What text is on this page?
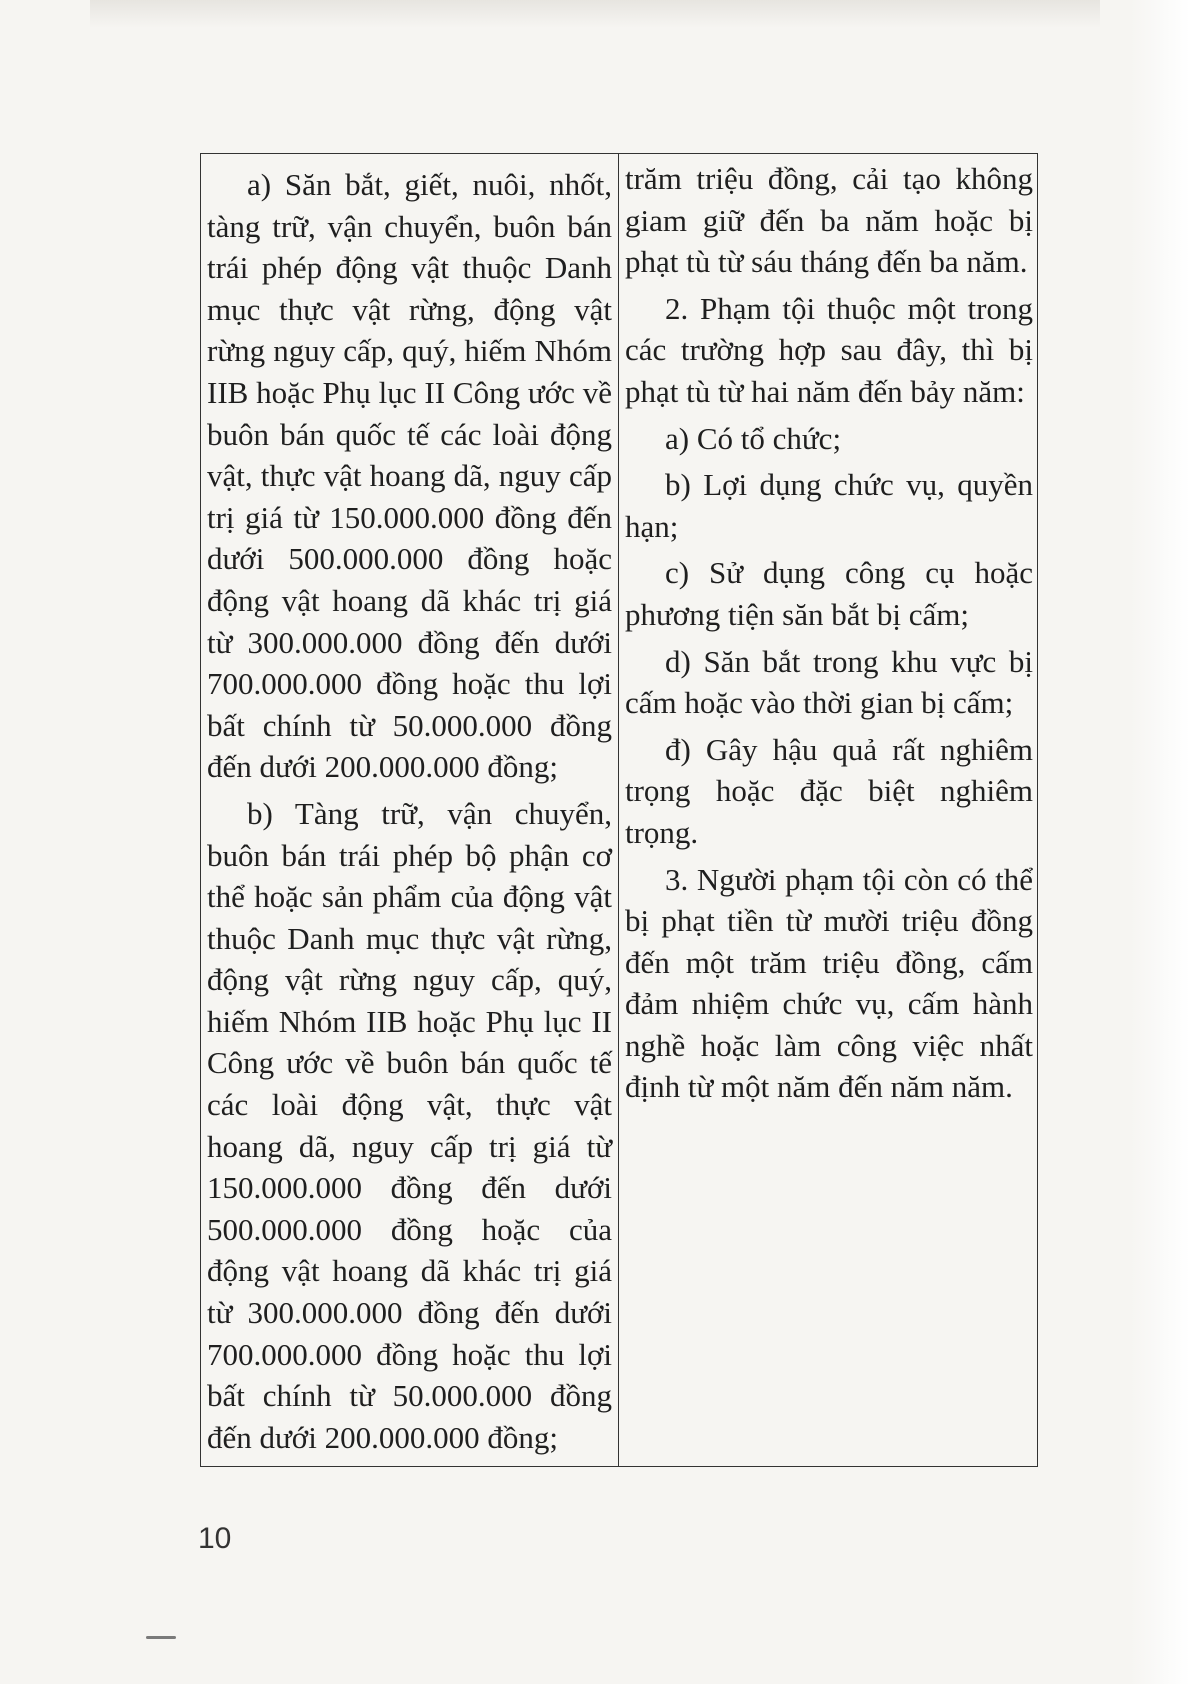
a) Săn bắt, giết, nuôi, nhốt, tàng trữ, vận chuyển, buôn bán trái phép động vật thuộc Danh mục thực vật rừng, động vật rừng nguy cấp, quý, hiếm Nhóm IIB hoặc Phụ lục II Công ước về buôn bán quốc tế các loài động vật, thực vật hoang dã, nguy cấp trị giá từ 150.000.000 đồng đến dưới 500.000.000 đồng hoặc động vật hoang dã khác trị giá từ 300.000.000 đồng đến dưới 700.000.000 đồng hoặc thu lợi bất chính từ 50.000.000 đồng đến dưới 200.000.000 đồng;

b) Tàng trữ, vận chuyển, buôn bán trái phép bộ phận cơ thể hoặc sản phẩm của động vật thuộc Danh mục thực vật rừng, động vật rừng nguy cấp, quý, hiếm Nhóm IIB hoặc Phụ lục II Công ước về buôn bán quốc tế các loài động vật, thực vật hoang dã, nguy cấp trị giá từ 150.000.000 đồng đến dưới 500.000.000 đồng hoặc của động vật hoang dã khác trị giá từ 300.000.000 đồng đến dưới 700.000.000 đồng hoặc thu lợi bất chính từ 50.000.000 đồng đến dưới 200.000.000 đồng;

trăm triệu đồng, cải tạo không giam giữ đến ba năm hoặc bị phạt tù từ sáu tháng đến ba năm.

2. Phạm tội thuộc một trong các trường hợp sau đây, thì bị phạt tù từ hai năm đến bảy năm:

a) Có tổ chức;

b) Lợi dụng chức vụ, quyền hạn;

c) Sử dụng công cụ hoặc phương tiện săn bắt bị cấm;

d) Săn bắt trong khu vực bị cấm hoặc vào thời gian bị cấm;

đ) Gây hậu quả rất nghiêm trọng hoặc đặc biệt nghiêm trọng.

3. Người phạm tội còn có thể bị phạt tiền từ mười triệu đồng đến một trăm triệu đồng, cấm đảm nhiệm chức vụ, cấm hành nghề hoặc làm công việc nhất định từ một năm đến năm năm.

10
